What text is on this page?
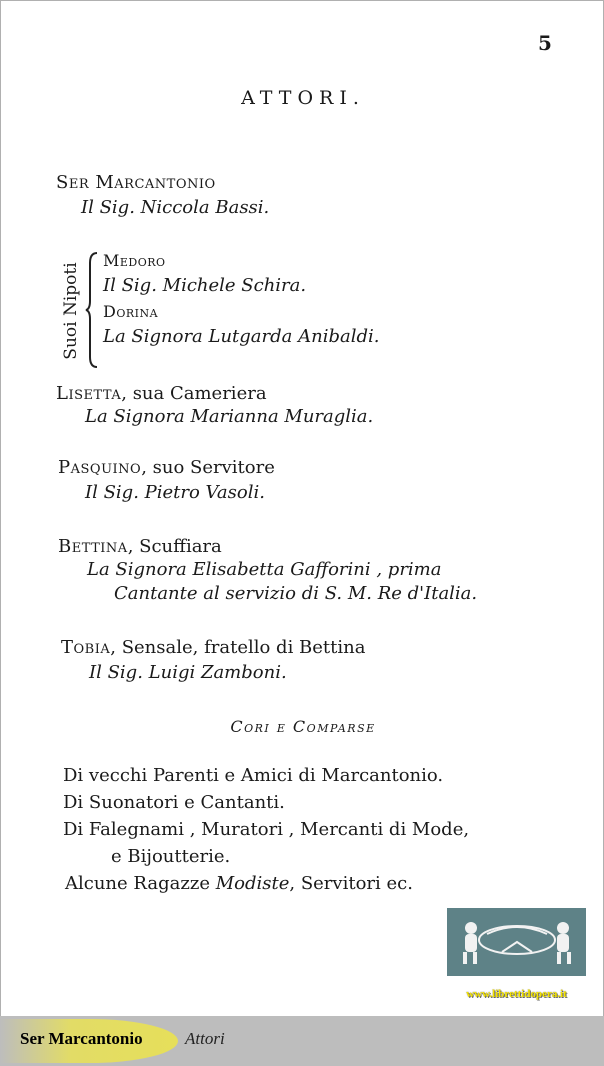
5
ATTORI.
Ser Marcantonio
Il Sig. Niccola Bassi.
Suoi Nipoti
Medoro
Il Sig. Michele Schira.
Dorina
La Signora Lutgarda Anibaldi.
Lisetta, sua Cameriera
La Signora Marianna Muraglia.
Pasquino, suo Servitore
Il Sig. Pietro Vasoli.
Bettina, Scuffiara
La Signora Elisabetta Gafforini , prima
Cantante al servizio di S. M. Re d'Italia.
Tobia, Sensale, fratello di Bettina
Il Sig. Luigi Zamboni.
Cori e Comparse
Di vecchi Parenti e Amici di Marcantonio.
Di Suonatori e Cantanti.
Di Falegnami , Muratori , Mercanti di Mode,
e Bijoutterie.
Alcune Ragazze Modiste, Servitori ec.
www.librettidopera.it
Ser Marcantonio Attori
